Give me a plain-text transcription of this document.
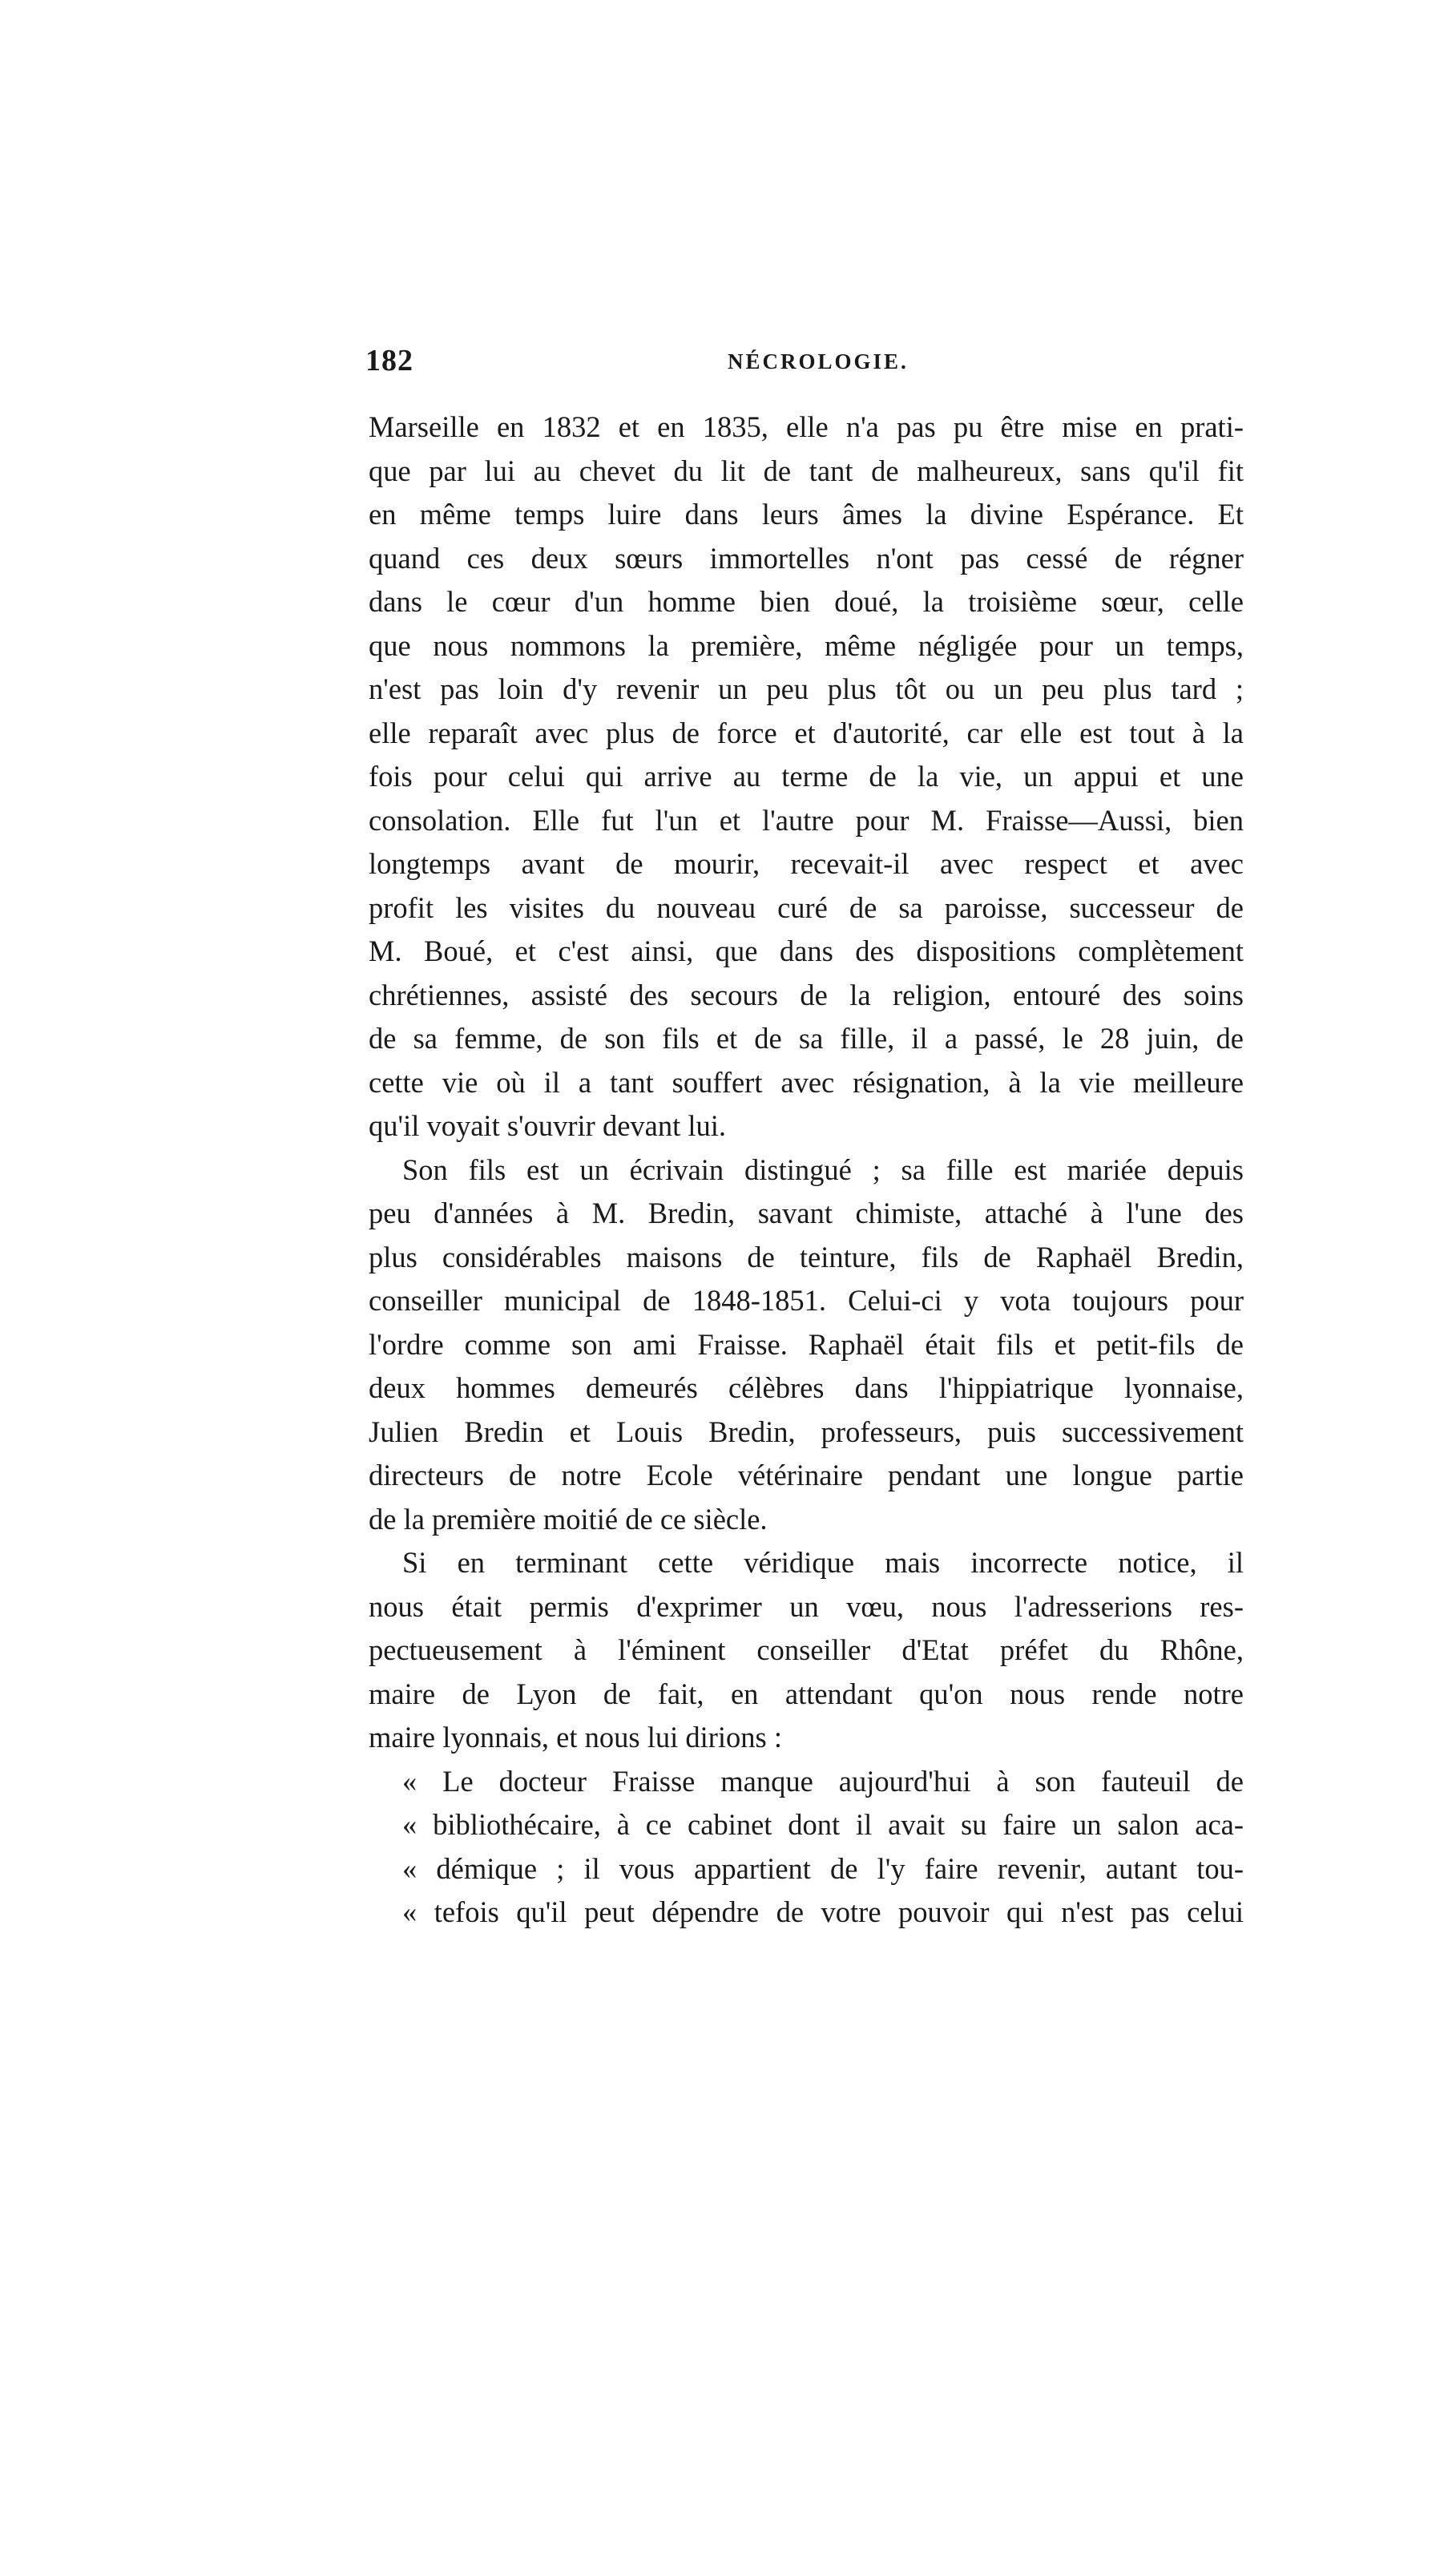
182	NÉCROLOGIE.
Marseille en 1832 et en 1835, elle n'a pas pu être mise en prati-
que par lui au chevet du lit de tant de malheureux, sans qu'il fit
en même temps luire dans leurs âmes la divine Espérance. Et
quand ces deux sœurs immortelles n'ont pas cessé de régner
dans le cœur d'un homme bien doué, la troisième sœur, celle
que nous nommons la première, même négligée pour un temps,
n'est pas loin d'y revenir un peu plus tôt ou un peu plus tard ;
elle reparaît avec plus de force et d'autorité, car elle est tout à la
fois pour celui qui arrive au terme de la vie, un appui et une
consolation. Elle fut l'un et l'autre pour M. Fraisse—Aussi, bien
longtemps avant de mourir, recevait-il avec respect et avec
profit les visites du nouveau curé de sa paroisse, successeur de
M. Boué, et c'est ainsi, que dans des dispositions complètement
chrétiennes, assisté des secours de la religion, entouré des soins
de sa femme, de son fils et de sa fille, il a passé, le 28 juin, de
cette vie où il a tant souffert avec résignation, à la vie meilleure
qu'il voyait s'ouvrir devant lui.
Son fils est un écrivain distingué ; sa fille est mariée depuis
peu d'années à M. Bredin, savant chimiste, attaché à l'une des
plus considérables maisons de teinture, fils de Raphaël Bredin,
conseiller municipal de 1848-1851. Celui-ci y vota toujours pour
l'ordre comme son ami Fraisse. Raphaël était fils et petit-fils de
deux hommes demeurés célèbres dans l'hippiatrique lyonnaise,
Julien Bredin et Louis Bredin, professeurs, puis successivement
directeurs de notre Ecole vétérinaire pendant une longue partie
de la première moitié de ce siècle.
Si en terminant cette véridique mais incorrecte notice, il
nous était permis d'exprimer un vœu, nous l'adresserions res-
pectueusement à l'éminent conseiller d'Etat préfet du Rhône,
maire de Lyon de fait, en attendant qu'on nous rende notre
maire lyonnais, et nous lui dirions :
« Le docteur Fraisse manque aujourd'hui à son fauteuil de
« bibliothécaire, à ce cabinet dont il avait su faire un salon aca-
« démique ; il vous appartient de l'y faire revenir, autant tou-
« tefois qu'il peut dépendre de votre pouvoir qui n'est pas celui
